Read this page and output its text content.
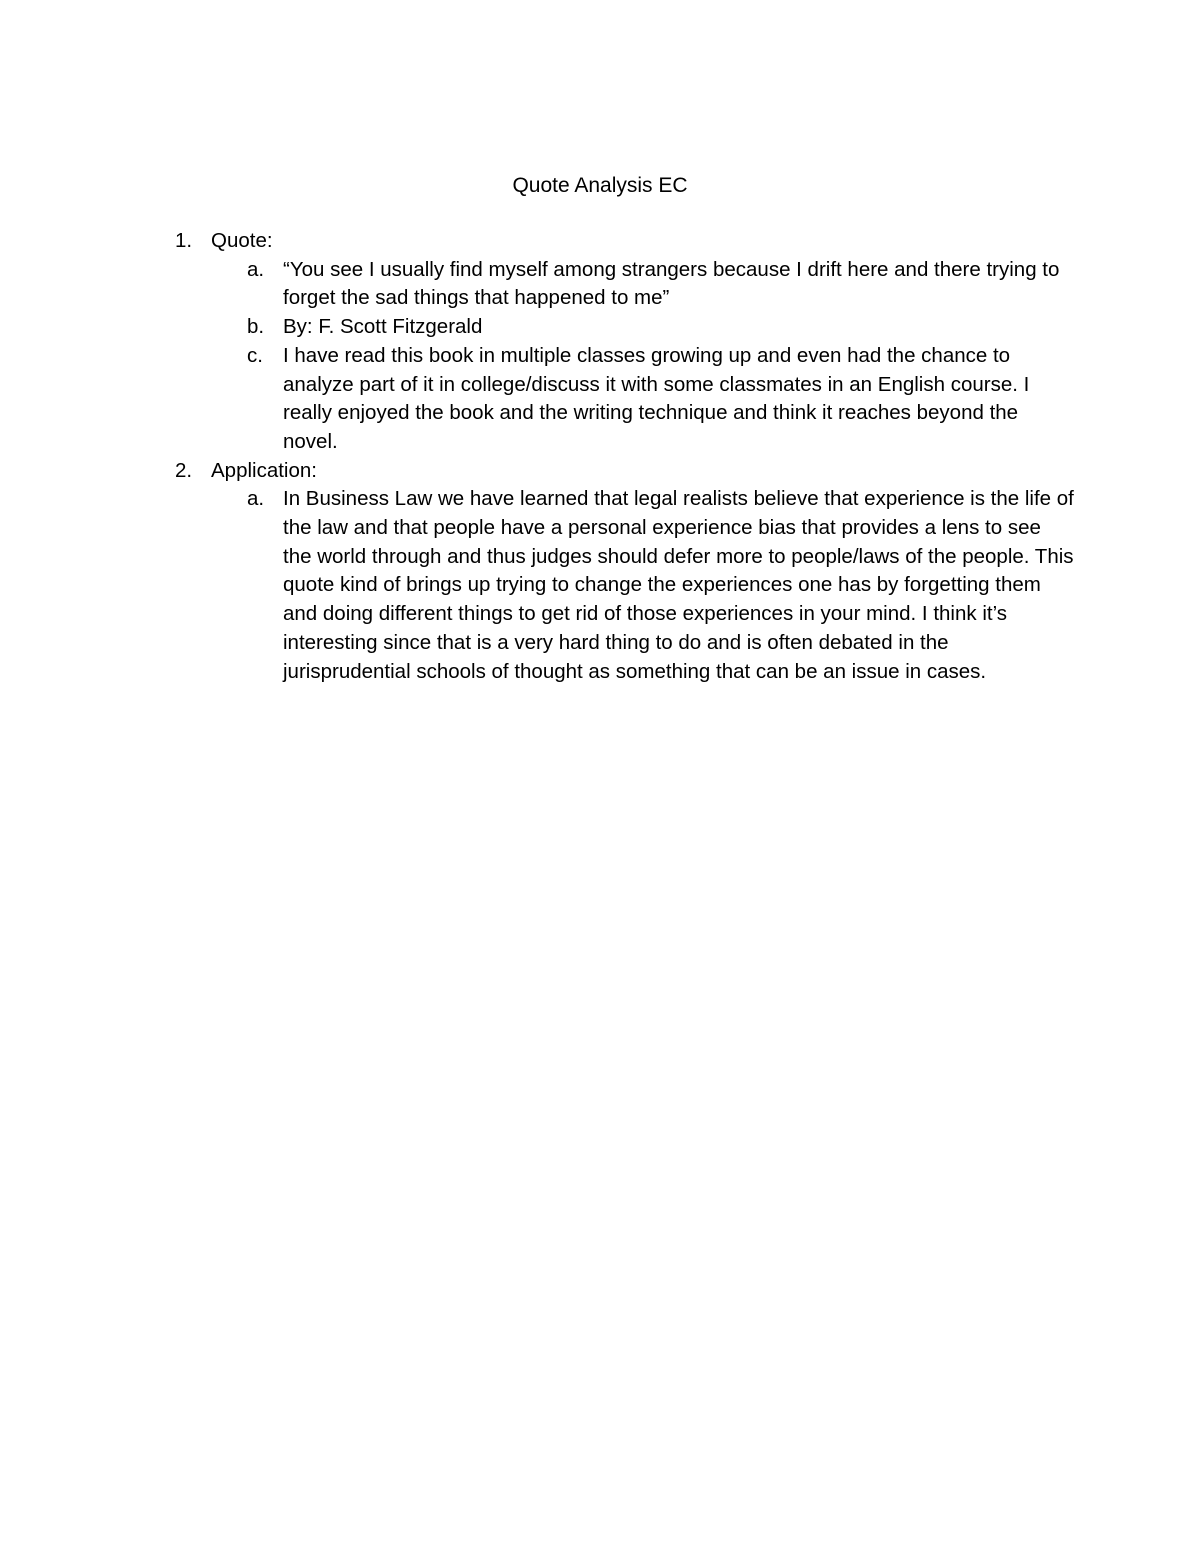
Quote Analysis EC
1. Quote:
a. “You see I usually find myself among strangers because I drift here and there trying to forget the sad things that happened to me”
b. By: F. Scott Fitzgerald
c. I have read this book in multiple classes growing up and even had the chance to analyze part of it in college/discuss it with some classmates in an English course. I really enjoyed the book and the writing technique and think it reaches beyond the novel.
2. Application:
a. In Business Law we have learned that legal realists believe that experience is the life of the law and that people have a personal experience bias that provides a lens to see the world through and thus judges should defer more to people/laws of the people. This quote kind of brings up trying to change the experiences one has by forgetting them and doing different things to get rid of those experiences in your mind. I think it’s interesting since that is a very hard thing to do and is often debated in the jurisprudential schools of thought as something that can be an issue in cases.
